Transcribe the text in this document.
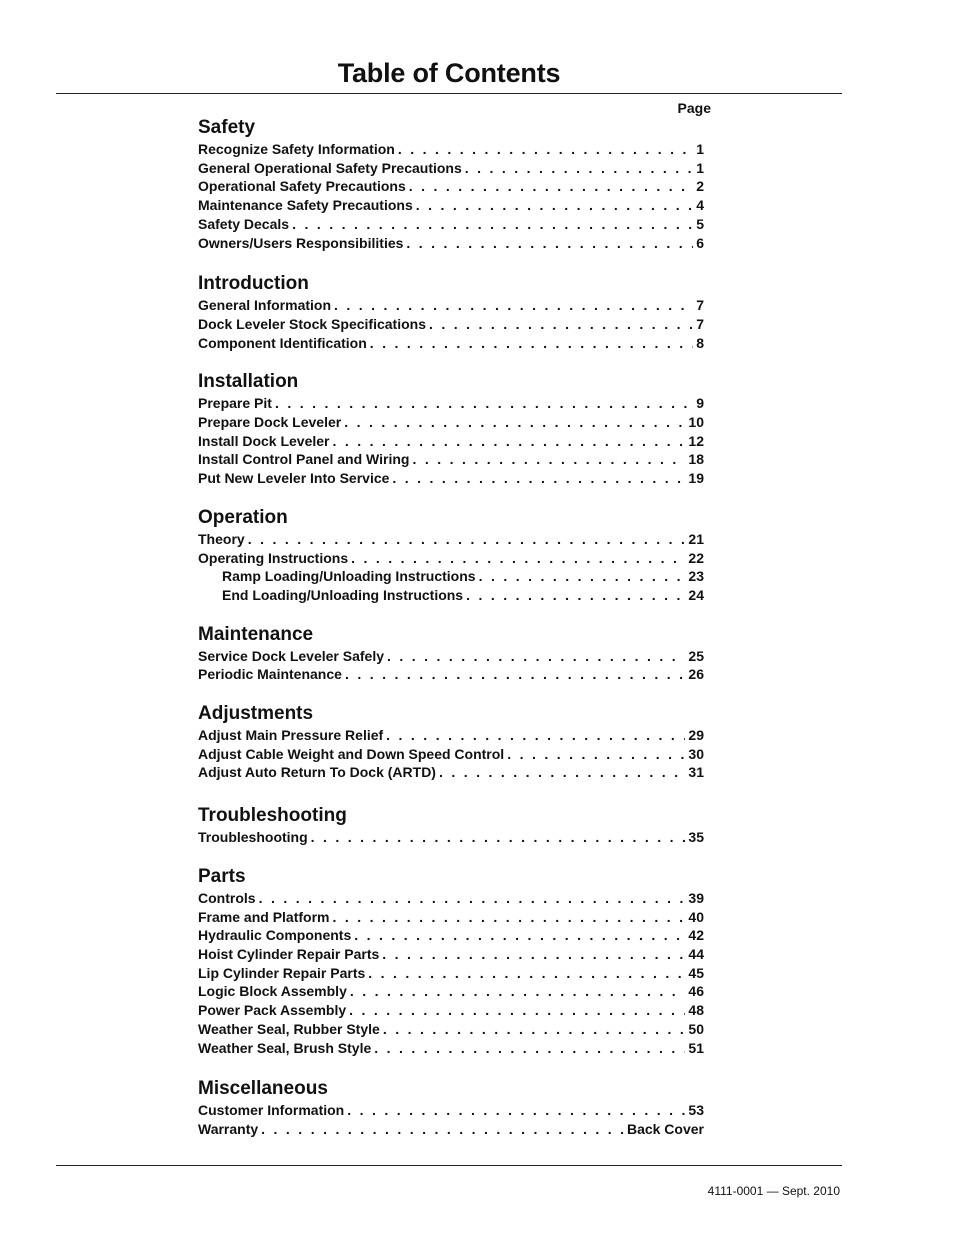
Table of Contents
Page
Safety
Recognize Safety Information . . .	1
General Operational Safety Precautions . . .	1
Operational Safety Precautions . . .	2
Maintenance Safety Precautions . . .	4
Safety Decals . . .	5
Owners/Users Responsibilities . . .	6
Introduction
General Information . . .	7
Dock Leveler Stock Specifications . . .	7
Component Identification . . .	8
Installation
Prepare Pit . . .	9
Prepare Dock Leveler . . .	10
Install Dock Leveler . . .	12
Install Control Panel and Wiring . . .	18
Put New Leveler Into Service . . .	19
Operation
Theory . . .	21
Operating Instructions . . .	22
Ramp Loading/Unloading Instructions . . .	23
End Loading/Unloading Instructions . . .	24
Maintenance
Service Dock Leveler Safely . . .	25
Periodic Maintenance . . .	26
Adjustments
Adjust Main Pressure Relief . . .	29
Adjust Cable Weight and Down Speed Control . . .	30
Adjust Auto Return To Dock (ARTD) . . .	31
Troubleshooting
Troubleshooting . . .	35
Parts
Controls . . .	39
Frame and Platform . . .	40
Hydraulic Components . . .	42
Hoist Cylinder Repair Parts . . .	44
Lip Cylinder Repair Parts . . .	45
Logic Block Assembly . . .	46
Power Pack Assembly . . .	48
Weather Seal, Rubber Style . . .	50
Weather Seal, Brush Style . . .	51
Miscellaneous
Customer Information . . .	53
Warranty . . .	Back Cover
4111-0001 — Sept. 2010
